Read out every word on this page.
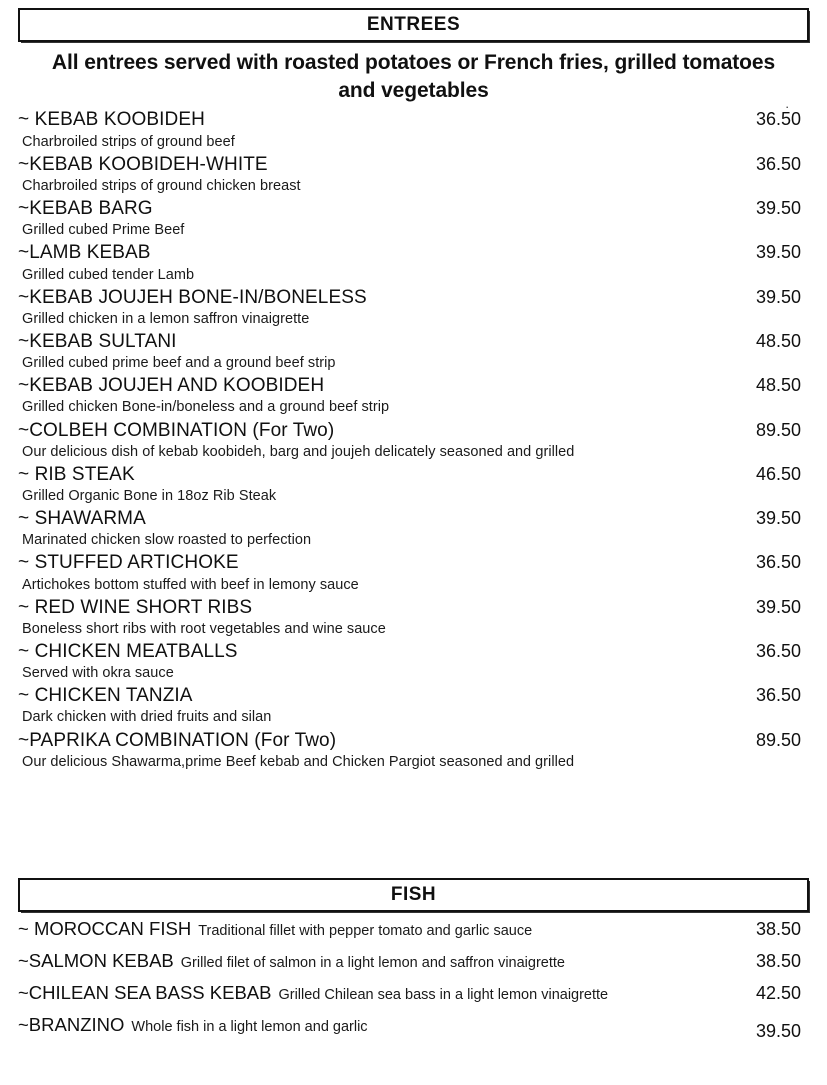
ENTREES
All entrees served with roasted potatoes or French fries, grilled tomatoes and vegetables
.
~ KEBAB KOOBIDEH	36.50
Charbroiled strips of ground beef
~KEBAB KOOBIDEH-WHITE	36.50
Charbroiled strips of ground chicken breast
~KEBAB BARG	39.50
Grilled cubed Prime Beef
~LAMB KEBAB	39.50
Grilled cubed tender Lamb
~KEBAB JOUJEH BONE-IN/BONELESS	39.50
Grilled chicken in a lemon saffron vinaigrette
~KEBAB SULTANI	48.50
Grilled cubed prime beef and a ground beef strip
~KEBAB JOUJEH AND KOOBIDEH	48.50
Grilled chicken Bone-in/boneless and a ground beef strip
~COLBEH COMBINATION (For Two)	89.50
Our delicious dish of kebab koobideh, barg and joujeh delicately seasoned and grilled
~ RIB STEAK	46.50
Grilled Organic Bone in 18oz Rib Steak
~ SHAWARMA	39.50
Marinated chicken slow roasted to perfection
~ STUFFED ARTICHOKE	36.50
Artichokes bottom stuffed with beef in lemony sauce
~ RED WINE SHORT RIBS	39.50
Boneless short ribs with root vegetables and wine sauce
~ CHICKEN MEATBALLS	36.50
Served with okra sauce
~ CHICKEN TANZIA	36.50
Dark chicken with dried fruits and silan
~PAPRIKA COMBINATION (For Two)	89.50
Our delicious Shawarma,prime Beef kebab and Chicken Pargiot seasoned and grilled
FISH
~ MOROCCAN FISH Traditional fillet with pepper tomato and garlic sauce	38.50
~SALMON KEBAB Grilled filet of salmon in a light lemon and saffron vinaigrette	38.50
~CHILEAN SEA BASS KEBAB Grilled Chilean sea bass in a light lemon vinaigrette	42.50
~BRANZINO Whole fish in a light lemon and garlic	39.50
